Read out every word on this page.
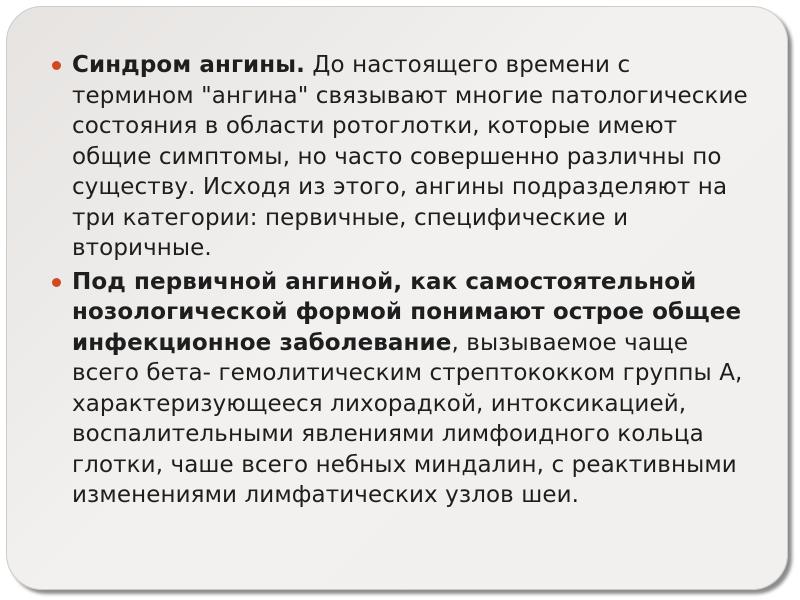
Синдром ангины. До настоящего времени с термином "ангина" связывают многие патологические состояния в области ротоглотки, которые имеют общие симптомы, но часто совершенно различны по существу. Исходя из этого, ангины подразделяют на три категории: первичные, специфические и вторичные.
Под первичной ангиной, как самостоятельной нозологической формой понимают острое общее инфекционное заболевание, вызываемое чаще всего бета- гемолитическим стрептококком группы А, характеризующееся лихорадкой, интоксикацией, воспалительными явлениями лимфоидного кольца глотки, чаше всего небных миндалин, с реактивными изменениями лимфатических узлов шеи.
